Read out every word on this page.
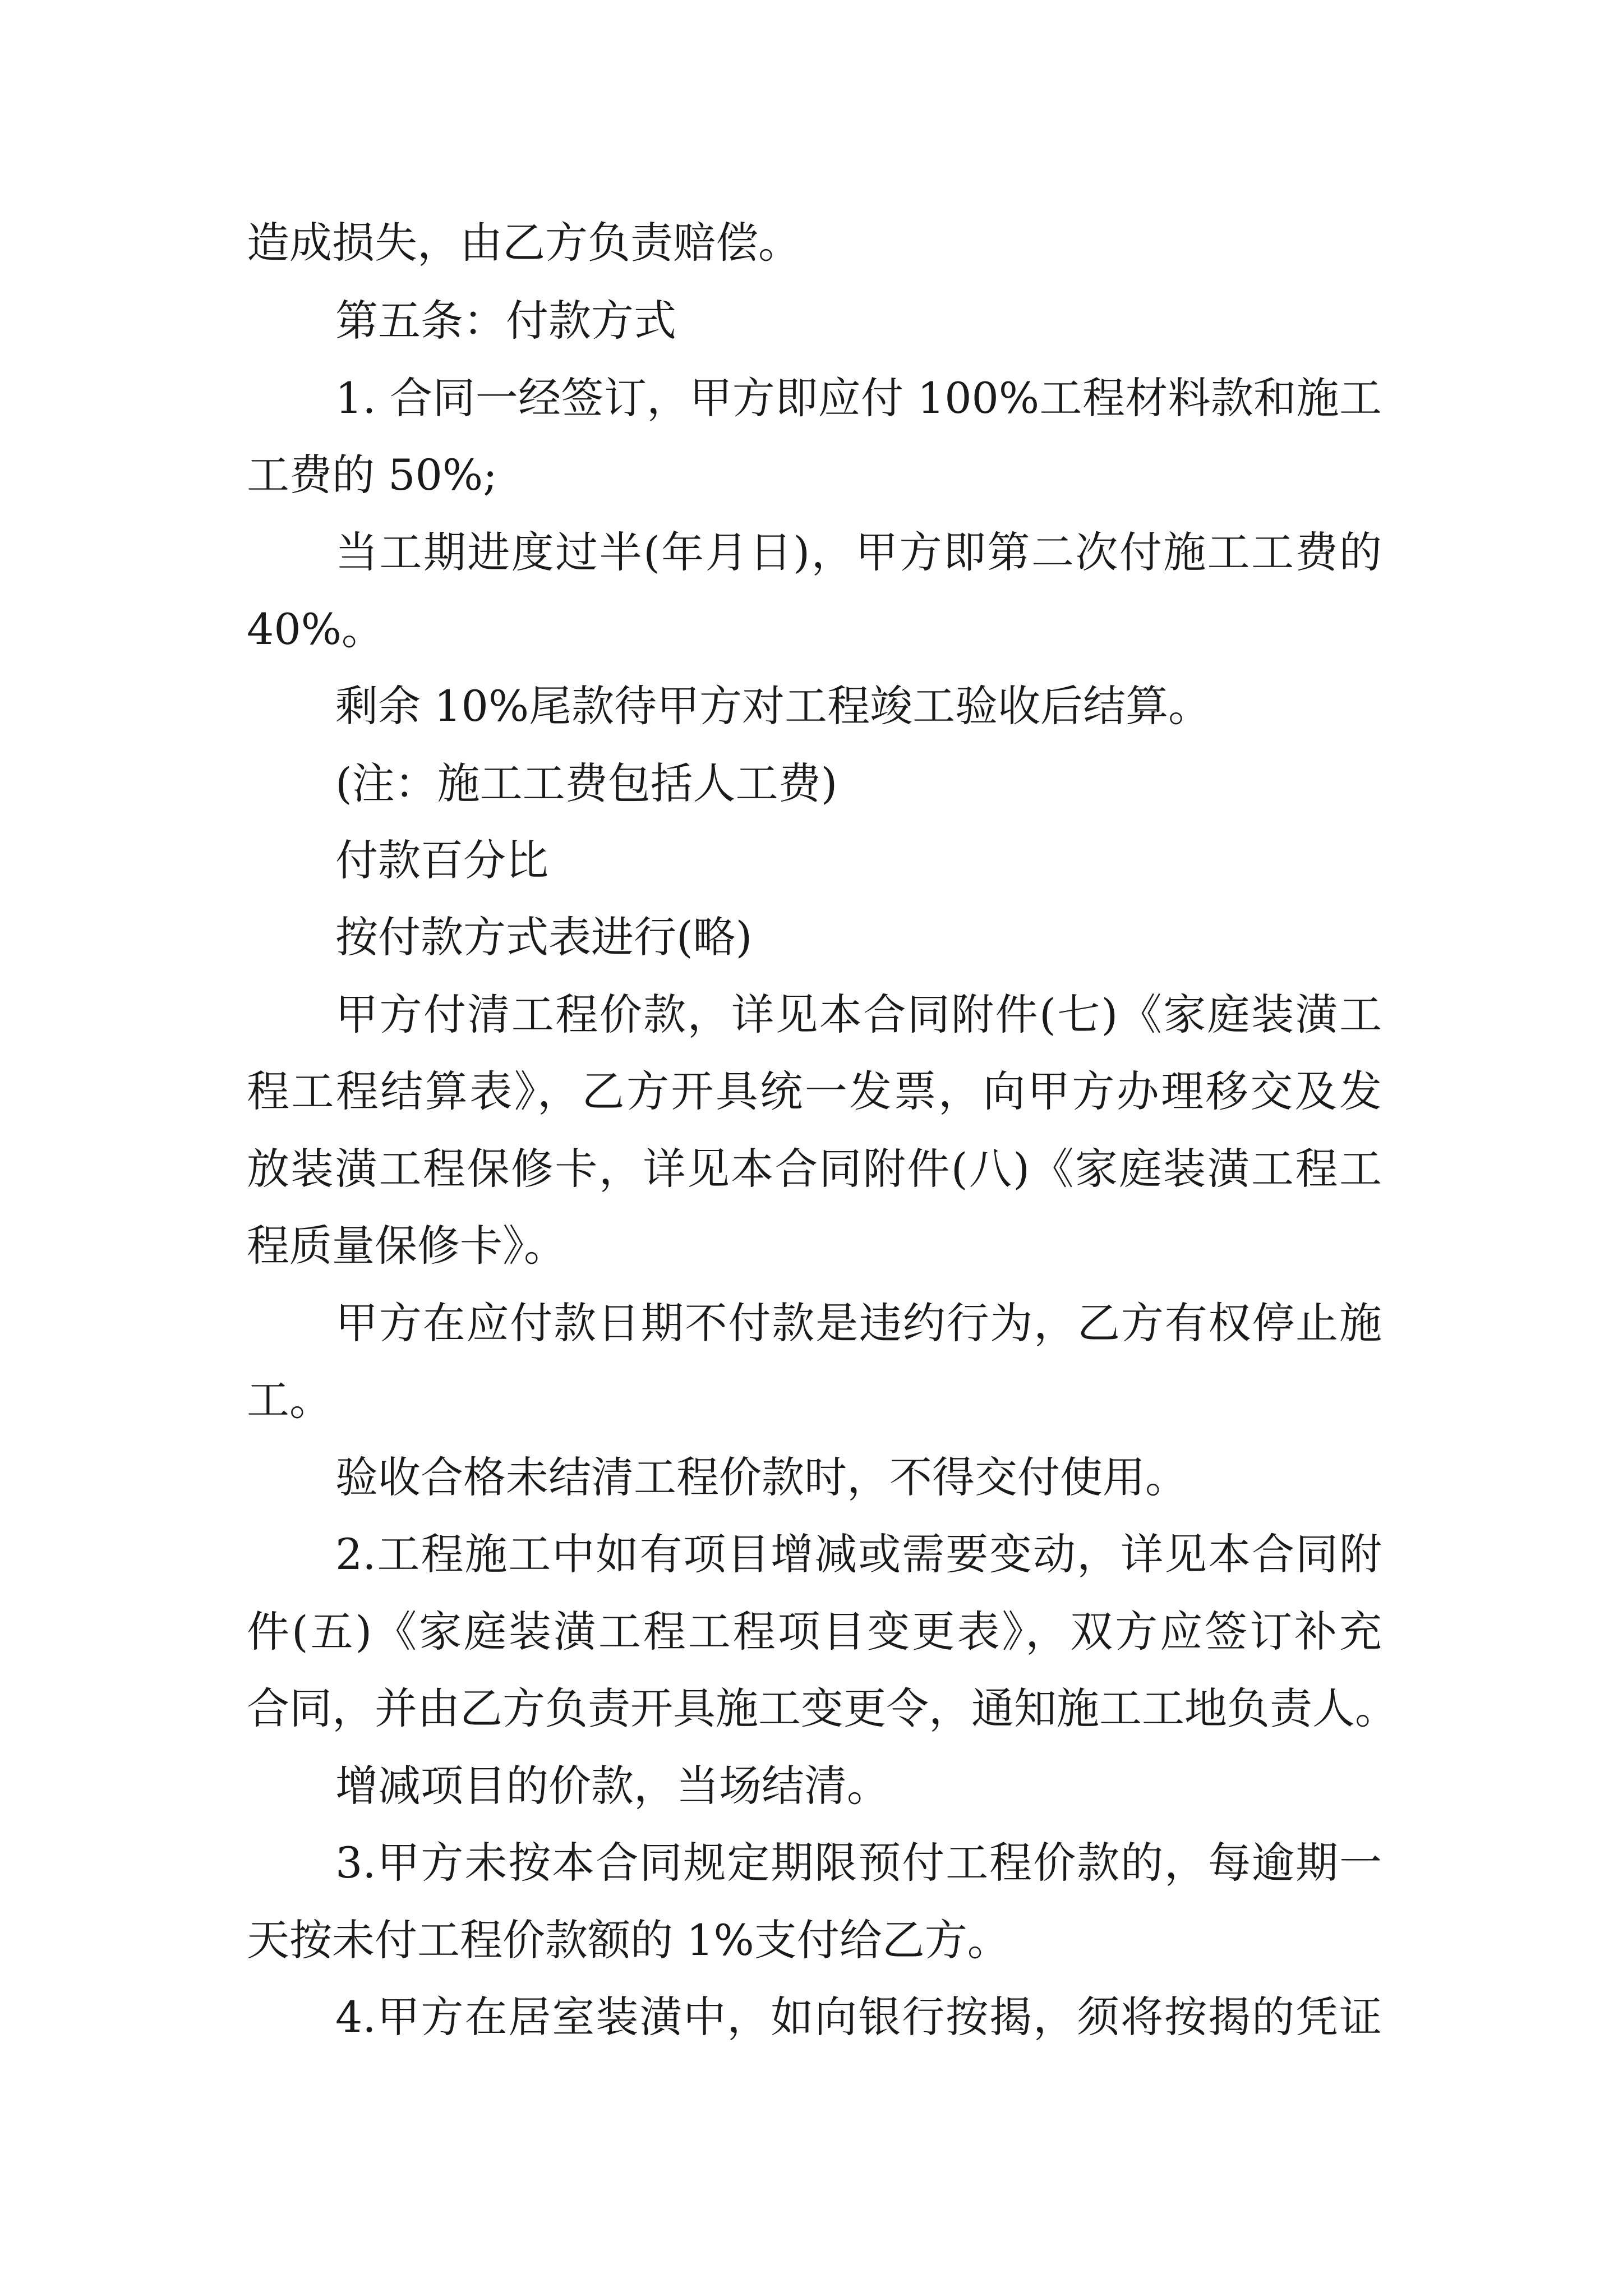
造成损失，由乙方负责赔偿。

第五条：付款方式

1. 合同一经签订，甲方即应付 100%工程材料款和施工

工费的 50%;

当工期进度过半(年月日)，甲方即第二次付施工工费的

40%。

剩余 10%尾款待甲方对工程竣工验收后结算。

(注：施工工费包括人工费)

付款百分比

按付款方式表进行(略)

甲方付清工程价款，详见本合同附件(七)《家庭装潢工

程工程结算表》，乙方开具统一发票，向甲方办理移交及发

放装潢工程保修卡，详见本合同附件(八)《家庭装潢工程工

程质量保修卡》。

甲方在应付款日期不付款是违约行为，乙方有权停止施

工。

验收合格未结清工程价款时，不得交付使用。

2.工程施工中如有项目增减或需要变动，详见本合同附

件(五)《家庭装潢工程工程项目变更表》，双方应签订补充

合同，并由乙方负责开具施工变更令，通知施工工地负责人。

增减项目的价款，当场结清。

3.甲方未按本合同规定期限预付工程价款的，每逾期一

天按未付工程价款额的 1%支付给乙方。

4.甲方在居室装潢中，如向银行按揭，须将按揭的凭证
